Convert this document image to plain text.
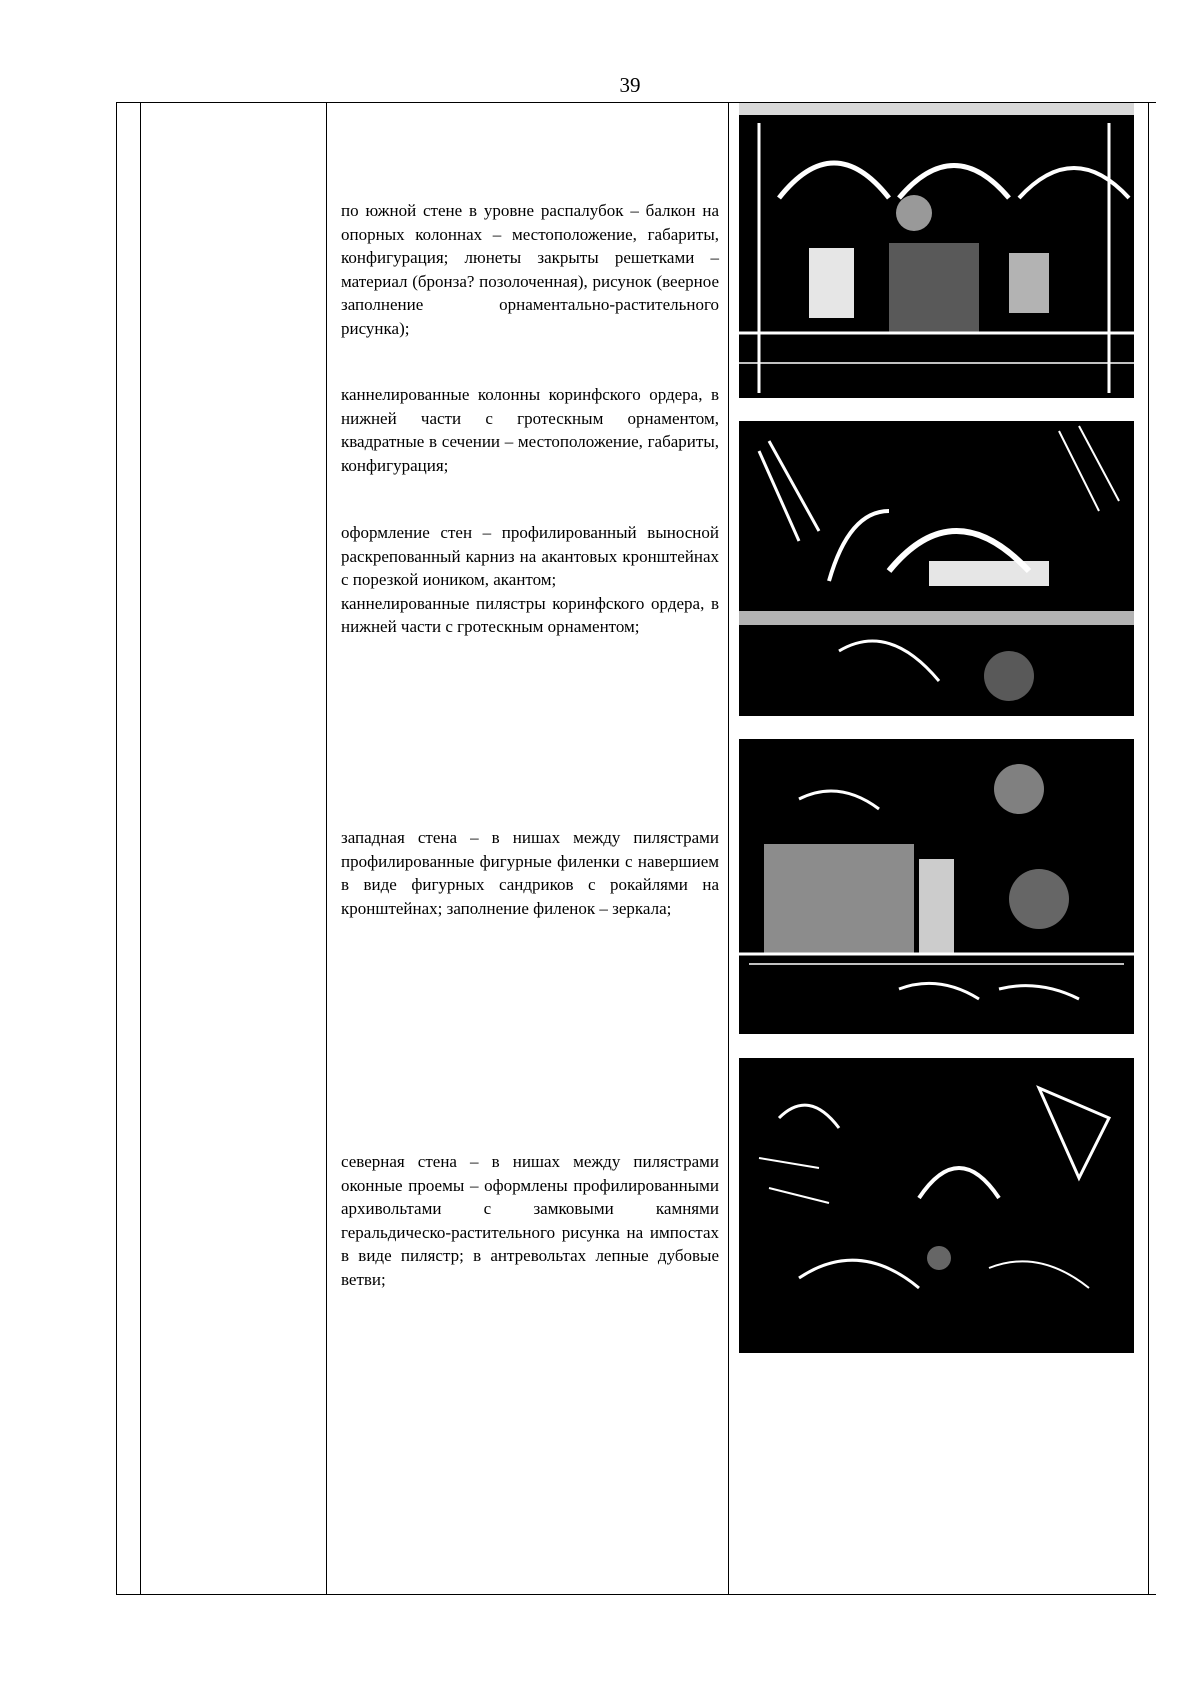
39

по южной стене в уровне распалубок – балкон на опорных колоннах – местоположение, габариты, конфигурация; люнеты закрыты решетками – материал (бронза? позолоченная), рисунок (веерное заполнение орнаментально-растительного рисунка);

каннелированные колонны коринфского ордера, в нижней части с гротескным орнаментом, квадратные в сечении – местоположение, габариты, конфигурация;

оформление стен – профилированный выносной раскрепованный карниз на акантовых кронштейнах с порезкой иоником, акантом;

каннелированные пилястры коринфского ордера, в нижней части с гротескным орнаментом;

западная стена – в нишах между пилястрами профилированные фигурные филенки с навершием в виде фигурных сандриков с рокайлями на кронштейнах; заполнение филенок – зеркала;

северная стена – в нишах между пилястрами оконные проемы – оформлены профилированными архивольтами с замковыми камнями геральдическо-растительного рисунка на импостах в виде пилястр; в антревольтах лепные дубовые ветви;
